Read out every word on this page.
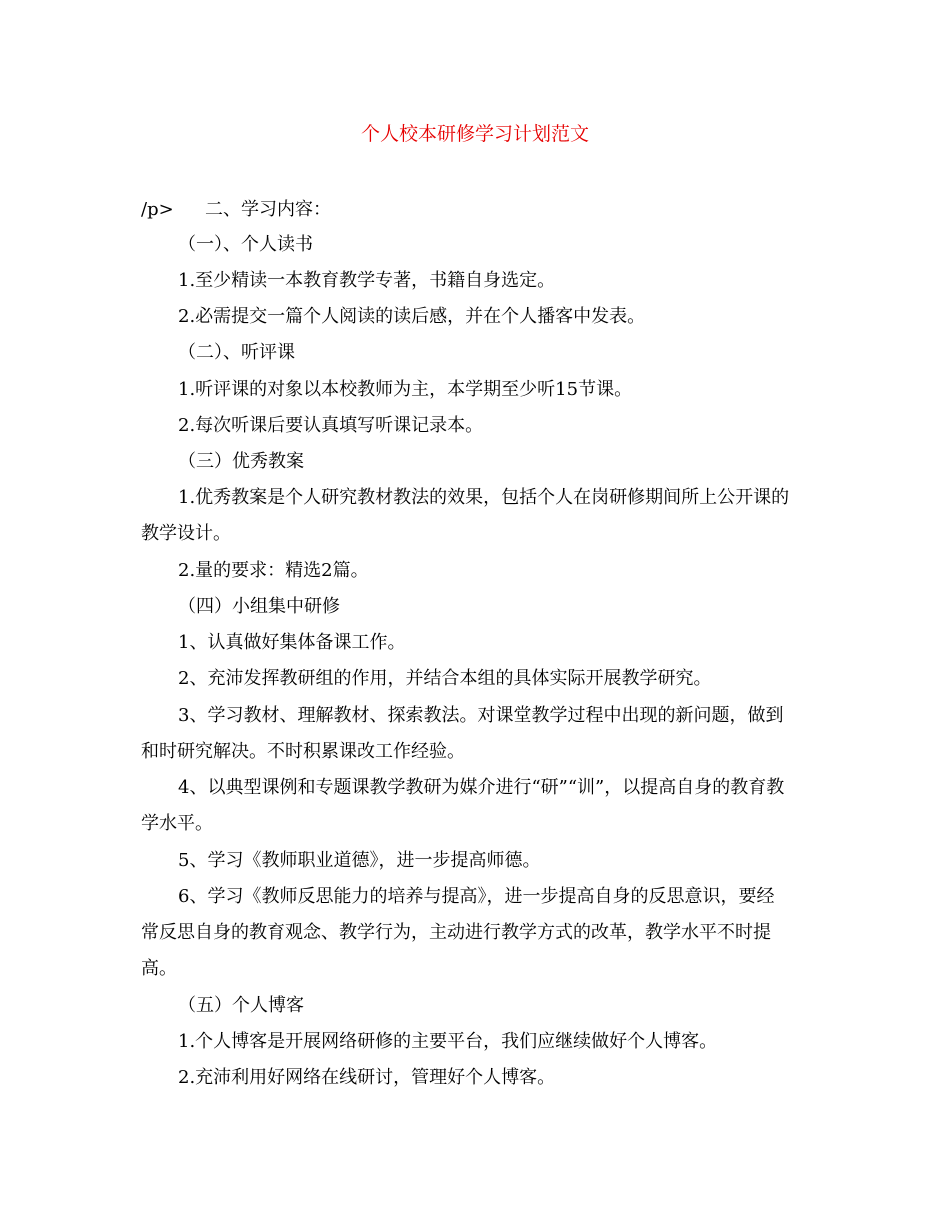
个人校本研修学习计划范文
/p> 二、学习内容：
（一）、个人读书
1.至少精读一本教育教学专著，书籍自身选定。
2.必需提交一篇个人阅读的读后感，并在个人播客中发表。
（二）、听评课
1.听评课的对象以本校教师为主，本学期至少听15节课。
2.每次听课后要认真填写听课记录本。
（三）优秀教案
1.优秀教案是个人研究教材教法的效果，包括个人在岗研修期间所上公开课的
教学设计。
2.量的要求：精选2篇。
（四）小组集中研修
1、认真做好集体备课工作。
2、充沛发挥教研组的作用，并结合本组的具体实际开展教学研究。
3、学习教材、理解教材、探索教法。对课堂教学过程中出现的新问题，做到
和时研究解决。不时积累课改工作经验。
4、以典型课例和专题课教学教研为媒介进行“研”“训”，以提高自身的教育教
学水平。
5、学习《教师职业道德》，进一步提高师德。
6、学习《教师反思能力的培养与提高》，进一步提高自身的反思意识，要经
常反思自身的教育观念、教学行为，主动进行教学方式的改革，教学水平不时提
高。
（五）个人博客
1.个人博客是开展网络研修的主要平台，我们应继续做好个人博客。
2.充沛利用好网络在线研讨，管理好个人博客。
